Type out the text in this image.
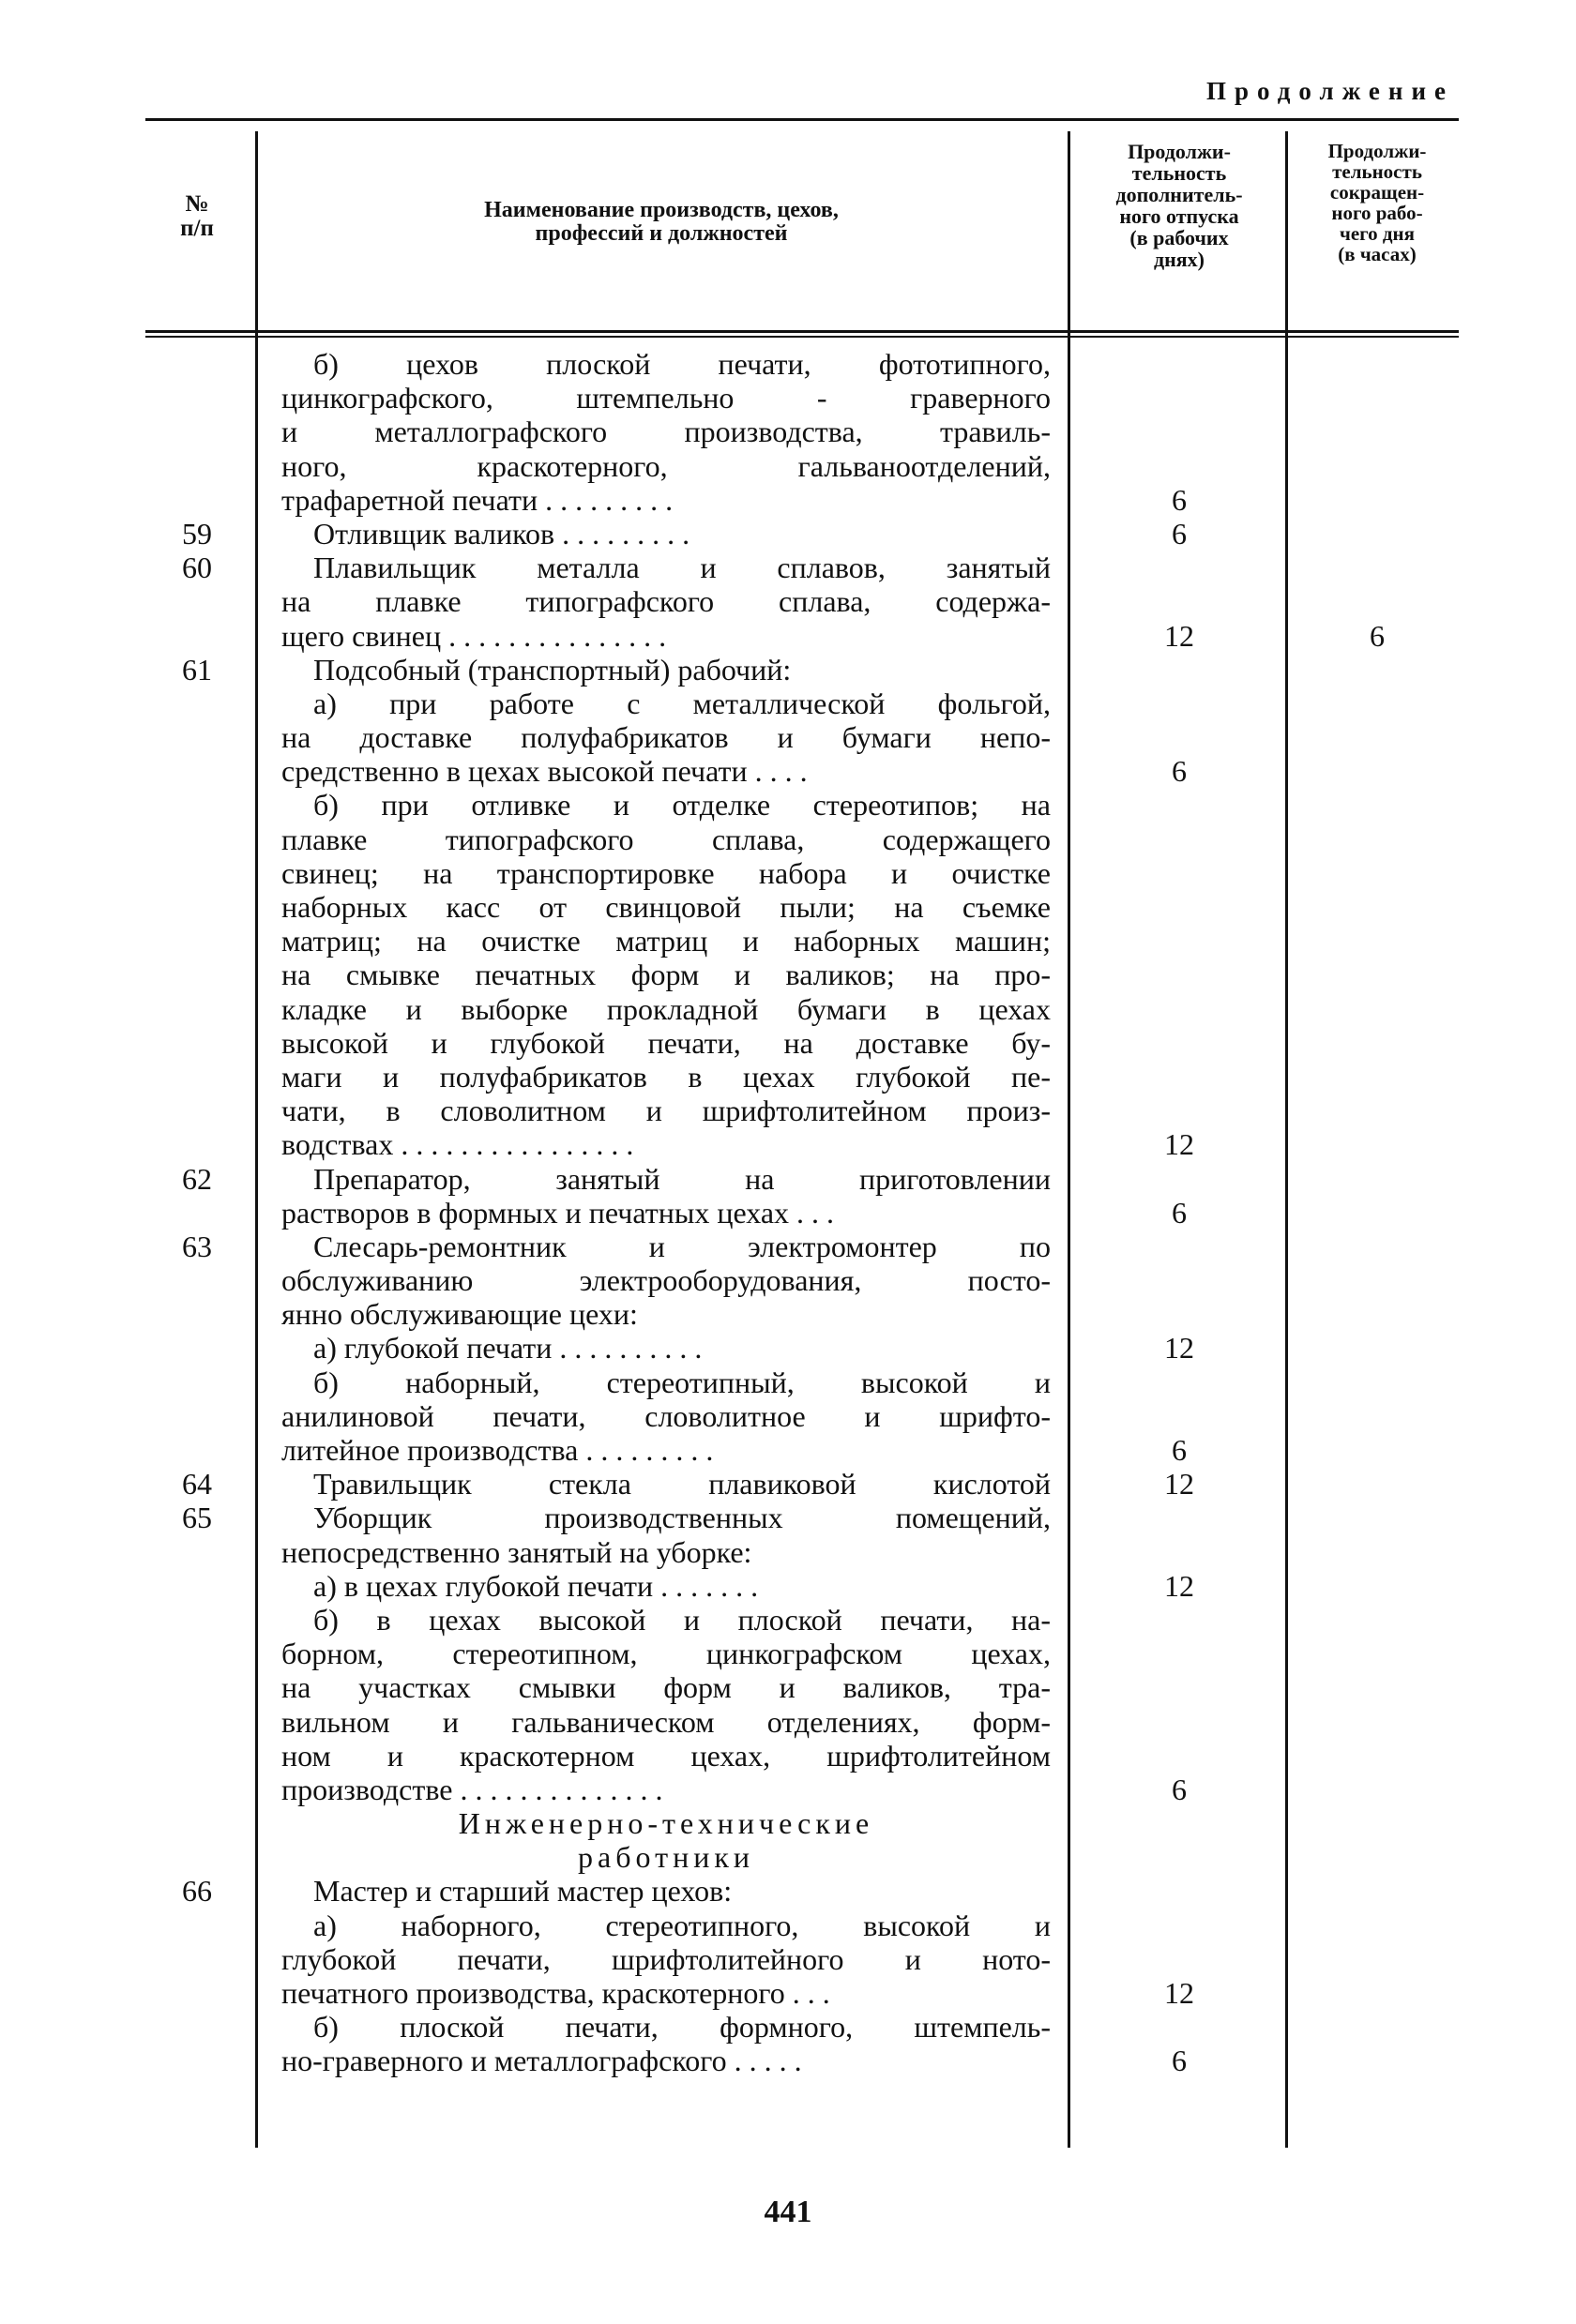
Продолжение
№
п/п
Наименование производств, цехов,
профессий и должностей
Продолжи-
тельность
дополнитель-
ного отпуска
(в рабочих
днях)
Продолжи-
тельность
сокращен-
ного рабо-
чего дня
(в часах)
б) цехов плоской печати, фототипного,
цинкографского, штемпельно - граверного
и металлографского производства, травиль-
ного, краскотерного, гальваноотделений,
трафаретной печати . . . . . . . . .	6
59	Отливщик валиков . . . . . . . . .	6
60	Плавильщик металла и сплавов, занятый
на плавке типографского сплава, содержа-
щего свинец . . . . . . . . . . . . . . .	12	6
61	Подсобный (транспортный) рабочий:
а) при работе с металлической фольгой,
на доставке полуфабрикатов и бумаги непо-
средственно в цехах высокой печати . . . .	6
б) при отливке и отделке стереотипов; на
плавке типографского сплава, содержащего
свинец; на транспортировке набора и очистке
наборных касс от свинцовой пыли; на съемке
матриц; на очистке матриц и наборных машин;
на смывке печатных форм и валиков; на про-
кладке и выборке прокладной бумаги в цехах
высокой и глубокой печати, на доставке бу-
маги и полуфабрикатов в цехах глубокой пе-
чати, в словолитном и шрифтолитейном произ-
водствах . . . . . . . . . . . . . . . .	12
62	Препаратор, занятый на приготовлении
растворов в формных и печатных цехах . . .	6
63	Слесарь-ремонтник и электромонтер по
обслуживанию электрооборудования, посто-
янно обслуживающие цехи:
а) глубокой печати . . . . . . . . . .	12
б) наборный, стереотипный, высокой и
анилиновой печати, словолитное и шрифто-
литейное производства . . . . . . . . .	6
64	Травильщик стекла плавиковой кислотой	12
65	Уборщик производственных помещений,
непосредственно занятый на уборке:
а) в цехах глубокой печати . . . . . . .	12
б) в цехах высокой и плоской печати, на-
борном, стереотипном, цинкографском цехах,
на участках смывки форм и валиков, тра-
вильном и гальваническом отделениях, форм-
ном и краскотерном цехах, шрифтолитейном
производстве . . . . . . . . . . . . . .	6
Инженерно-технические
работники
66	Мастер и старший мастер цехов:
а) наборного, стереотипного, высокой и
глубокой печати, шрифтолитейного и ното-
печатного производства, краскотерного . . .	12
б) плоской печати, формного, штемпель-
но-граверного и металлографского . . . . .	6
441
